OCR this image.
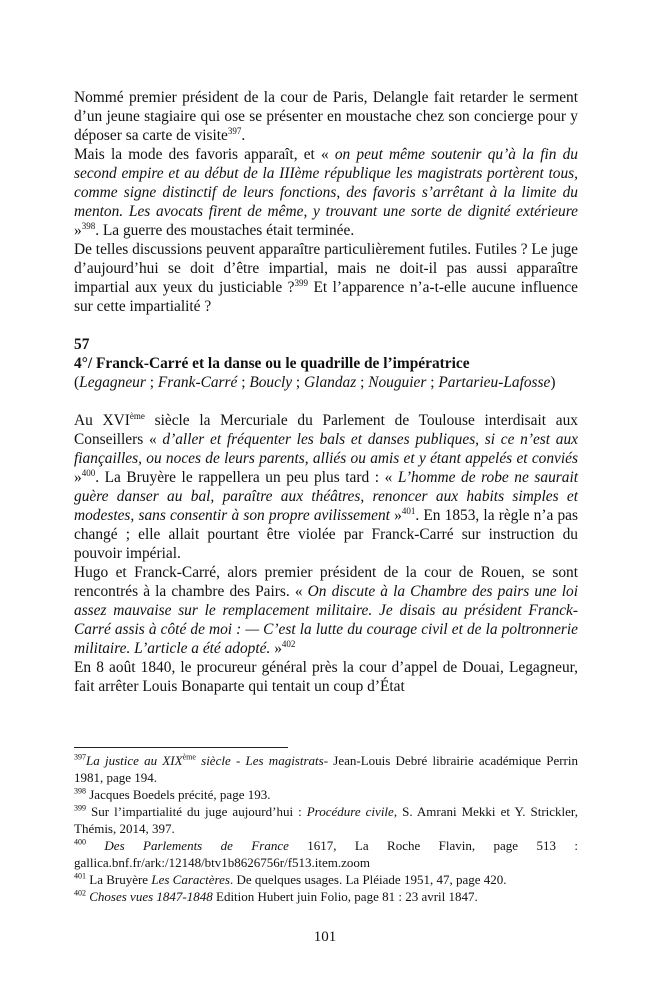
Nommé premier président de la cour de Paris, Delangle fait retarder le serment d’un jeune stagiaire qui ose se présenter en moustache chez son concierge pour y déposer sa carte de visite$^{397}$.

Mais la mode des favoris apparaît, et « on peut même soutenir qu’à la fin du second empire et au début de la IIIème république les magistrats portèrent tous, comme signe distinctif de leurs fonctions, des favoris s’arrêtant à la limite du menton. Les avocats firent de même, y trouvant une sorte de dignité extérieure »$^{398}$. La guerre des moustaches était terminée.

De telles discussions peuvent apparaître particulièrement futiles. Futiles ? Le juge d’aujourd’hui se doit d’être impartial, mais ne doit-il pas aussi apparaître impartial aux yeux du justiciable ?$^{399}$ Et l’apparence n’a-t-elle aucune influence sur cette impartialité ?

57
4°/ Franck-Carré et la danse ou le quadrille de l’impératrice

(Legagneur ; Frank-Carré ; Boucly ; Glandaz ; Nouguier ; Partarieu-Lafosse)

Au XVIème siècle la Mercuriale du Parlement de Toulouse interdisait aux Conseillers « d’aller et fréquenter les bals et danses publiques, si ce n’est aux fiançailles, ou noces de leurs parents, alliés ou amis et y étant appelés et conviés »$^{400}$. La Bruyère le rappellera un peu plus tard : « L’homme de robe ne saurait guère danser au bal, paraître aux théâtres, renoncer aux habits simples et modestes, sans consentir à son propre avilissement »$^{401}$. En 1853, la règle n’a pas changé ; elle allait pourtant être violée par Franck-Carré sur instruction du pouvoir impérial.

Hugo et Franck-Carré, alors premier président de la cour de Rouen, se sont rencontrés à la chambre des Pairs. « On discute à la Chambre des pairs une loi assez mauvaise sur le remplacement militaire. Je disais au président Franck-Carré assis à côté de moi : — C’est la lutte du courage civil et de la poltronnerie militaire. L’article a été adopté. »$^{402}$

En 8 août 1840, le procureur général près la cour d’appel de Douai, Legagneur, fait arrêter Louis Bonaparte qui tentait un coup d’État

$^{397}$La justice au XIXème siècle - Les magistrats- Jean-Louis Debré librairie académique Perrin 1981, page 194.

$^{398}$ Jacques Boedels précité, page 193.

$^{399}$ Sur l’impartialité du juge aujourd’hui : Procédure civile, S. Amrani Mekki et Y. Strickler, Thémis, 2014, 397.

$^{400}$ Des Parlements de France 1617, La Roche Flavin, page 513 : gallica.bnf.fr/ark:/12148/btv1b8626756r/f513.item.zoom

$^{401}$ La Bruyère Les Caractères. De quelques usages. La Pléiade 1951, 47, page 420.

$^{402}$ Choses vues 1847-1848 Edition Hubert juin Folio, page 81 : 23 avril 1847.

101
